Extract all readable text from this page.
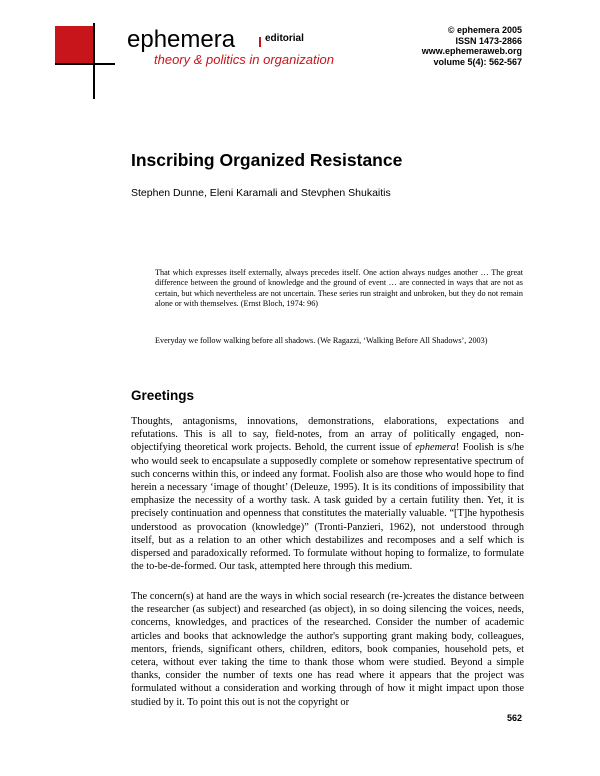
ephemera	editorial
theory & politics in organization
© ephemera 2005
ISSN 1473-2866
www.ephemeraweb.org
volume 5(4): 562-567
Inscribing Organized Resistance
Stephen Dunne, Eleni Karamali and Stevphen Shukaitis

That which expresses itself externally, always precedes itself. One action always nudges another … The great difference between the ground of knowledge and the ground of event … are connected in ways that are not as certain, but which nevertheless are not uncertain. These series run straight and unbroken, but they do not remain alone or with themselves. (Ernst Bloch, 1974: 96)

Everyday we follow walking before all shadows. (We Ragazzi, ‘Walking Before All Shadows’, 2003)

Greetings

Thoughts, antagonisms, innovations, demonstrations, elaborations, expectations and refutations. This is all to say, field-notes, from an array of politically engaged, non-objectifying theoretical work projects. Behold, the current issue of ephemera! Foolish is s/he who would seek to encapsulate a supposedly complete or somehow representative spectrum of such concerns within this, or indeed any format. Foolish also are those who would hope to find herein a necessary ‘image of thought’ (Deleuze, 1995). It is its conditions of impossibility that emphasize the necessity of a worthy task. A task guided by a certain futility then. Yet, it is precisely continuation and openness that constitutes the materially valuable. “[T]he hypothesis understood as provocation (knowledge)” (Tronti-Panzieri, 1962), not understood through itself, but as a relation to an other which destabilizes and recomposes and a self which is dispersed and paradoxically reformed. To formulate without hoping to formalize, to formulate the to-be-de-formed. Our task, attempted here through this medium.

The concern(s) at hand are the ways in which social research (re-)creates the distance between the researcher (as subject) and researched (as object), in so doing silencing the voices, needs, concerns, knowledges, and practices of the researched. Consider the number of academic articles and books that acknowledge the author's supporting grant making body, colleagues, mentors, friends, significant others, children, editors, book companies, household pets, et cetera, without ever taking the time to thank those whom were studied. Beyond a simple thanks, consider the number of texts one has read where it appears that the project was formulated without a consideration and working through of how it might impact upon those studied by it. To point this out is not the copyright or

562
